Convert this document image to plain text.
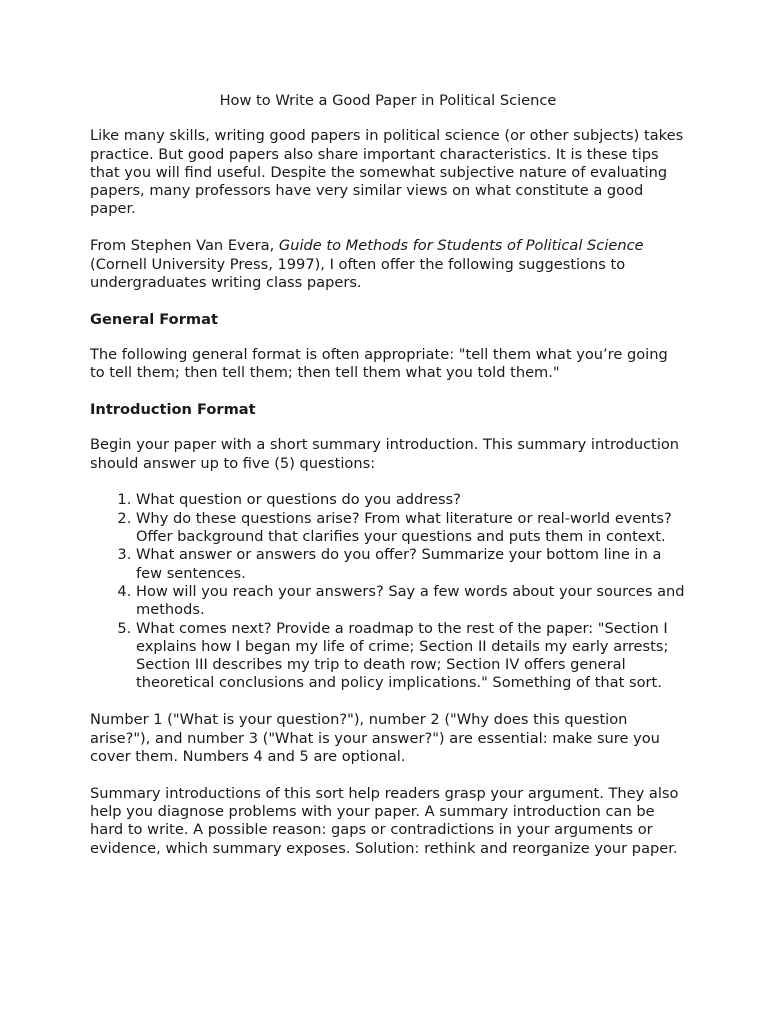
How to Write a Good Paper in Political Science

Like many skills, writing good papers in political science (or other subjects) takes practice. But good papers also share important characteristics. It is these tips that you will find useful. Despite the somewhat subjective nature of evaluating papers, many professors have very similar views on what constitute a good paper.

From Stephen Van Evera, Guide to Methods for Students of Political Science (Cornell University Press, 1997), I often offer the following suggestions to undergraduates writing class papers.

General Format

The following general format is often appropriate: "tell them what you’re going to tell them; then tell them; then tell them what you told them."

Introduction Format

Begin your paper with a short summary introduction. This summary introduction should answer up to five (5) questions:

1. What question or questions do you address?
2. Why do these questions arise? From what literature or real-world events? Offer background that clarifies your questions and puts them in context.
3. What answer or answers do you offer? Summarize your bottom line in a few sentences.
4. How will you reach your answers? Say a few words about your sources and methods.
5. What comes next? Provide a roadmap to the rest of the paper: "Section I explains how I began my life of crime; Section II details my early arrests; Section III describes my trip to death row; Section IV offers general theoretical conclusions and policy implications." Something of that sort.

Number 1 ("What is your question?"), number 2 ("Why does this question arise?"), and number 3 ("What is your answer?") are essential: make sure you cover them. Numbers 4 and 5 are optional.

Summary introductions of this sort help readers grasp your argument. They also help you diagnose problems with your paper. A summary introduction can be hard to write. A possible reason: gaps or contradictions in your arguments or evidence, which summary exposes. Solution: rethink and reorganize your paper.
